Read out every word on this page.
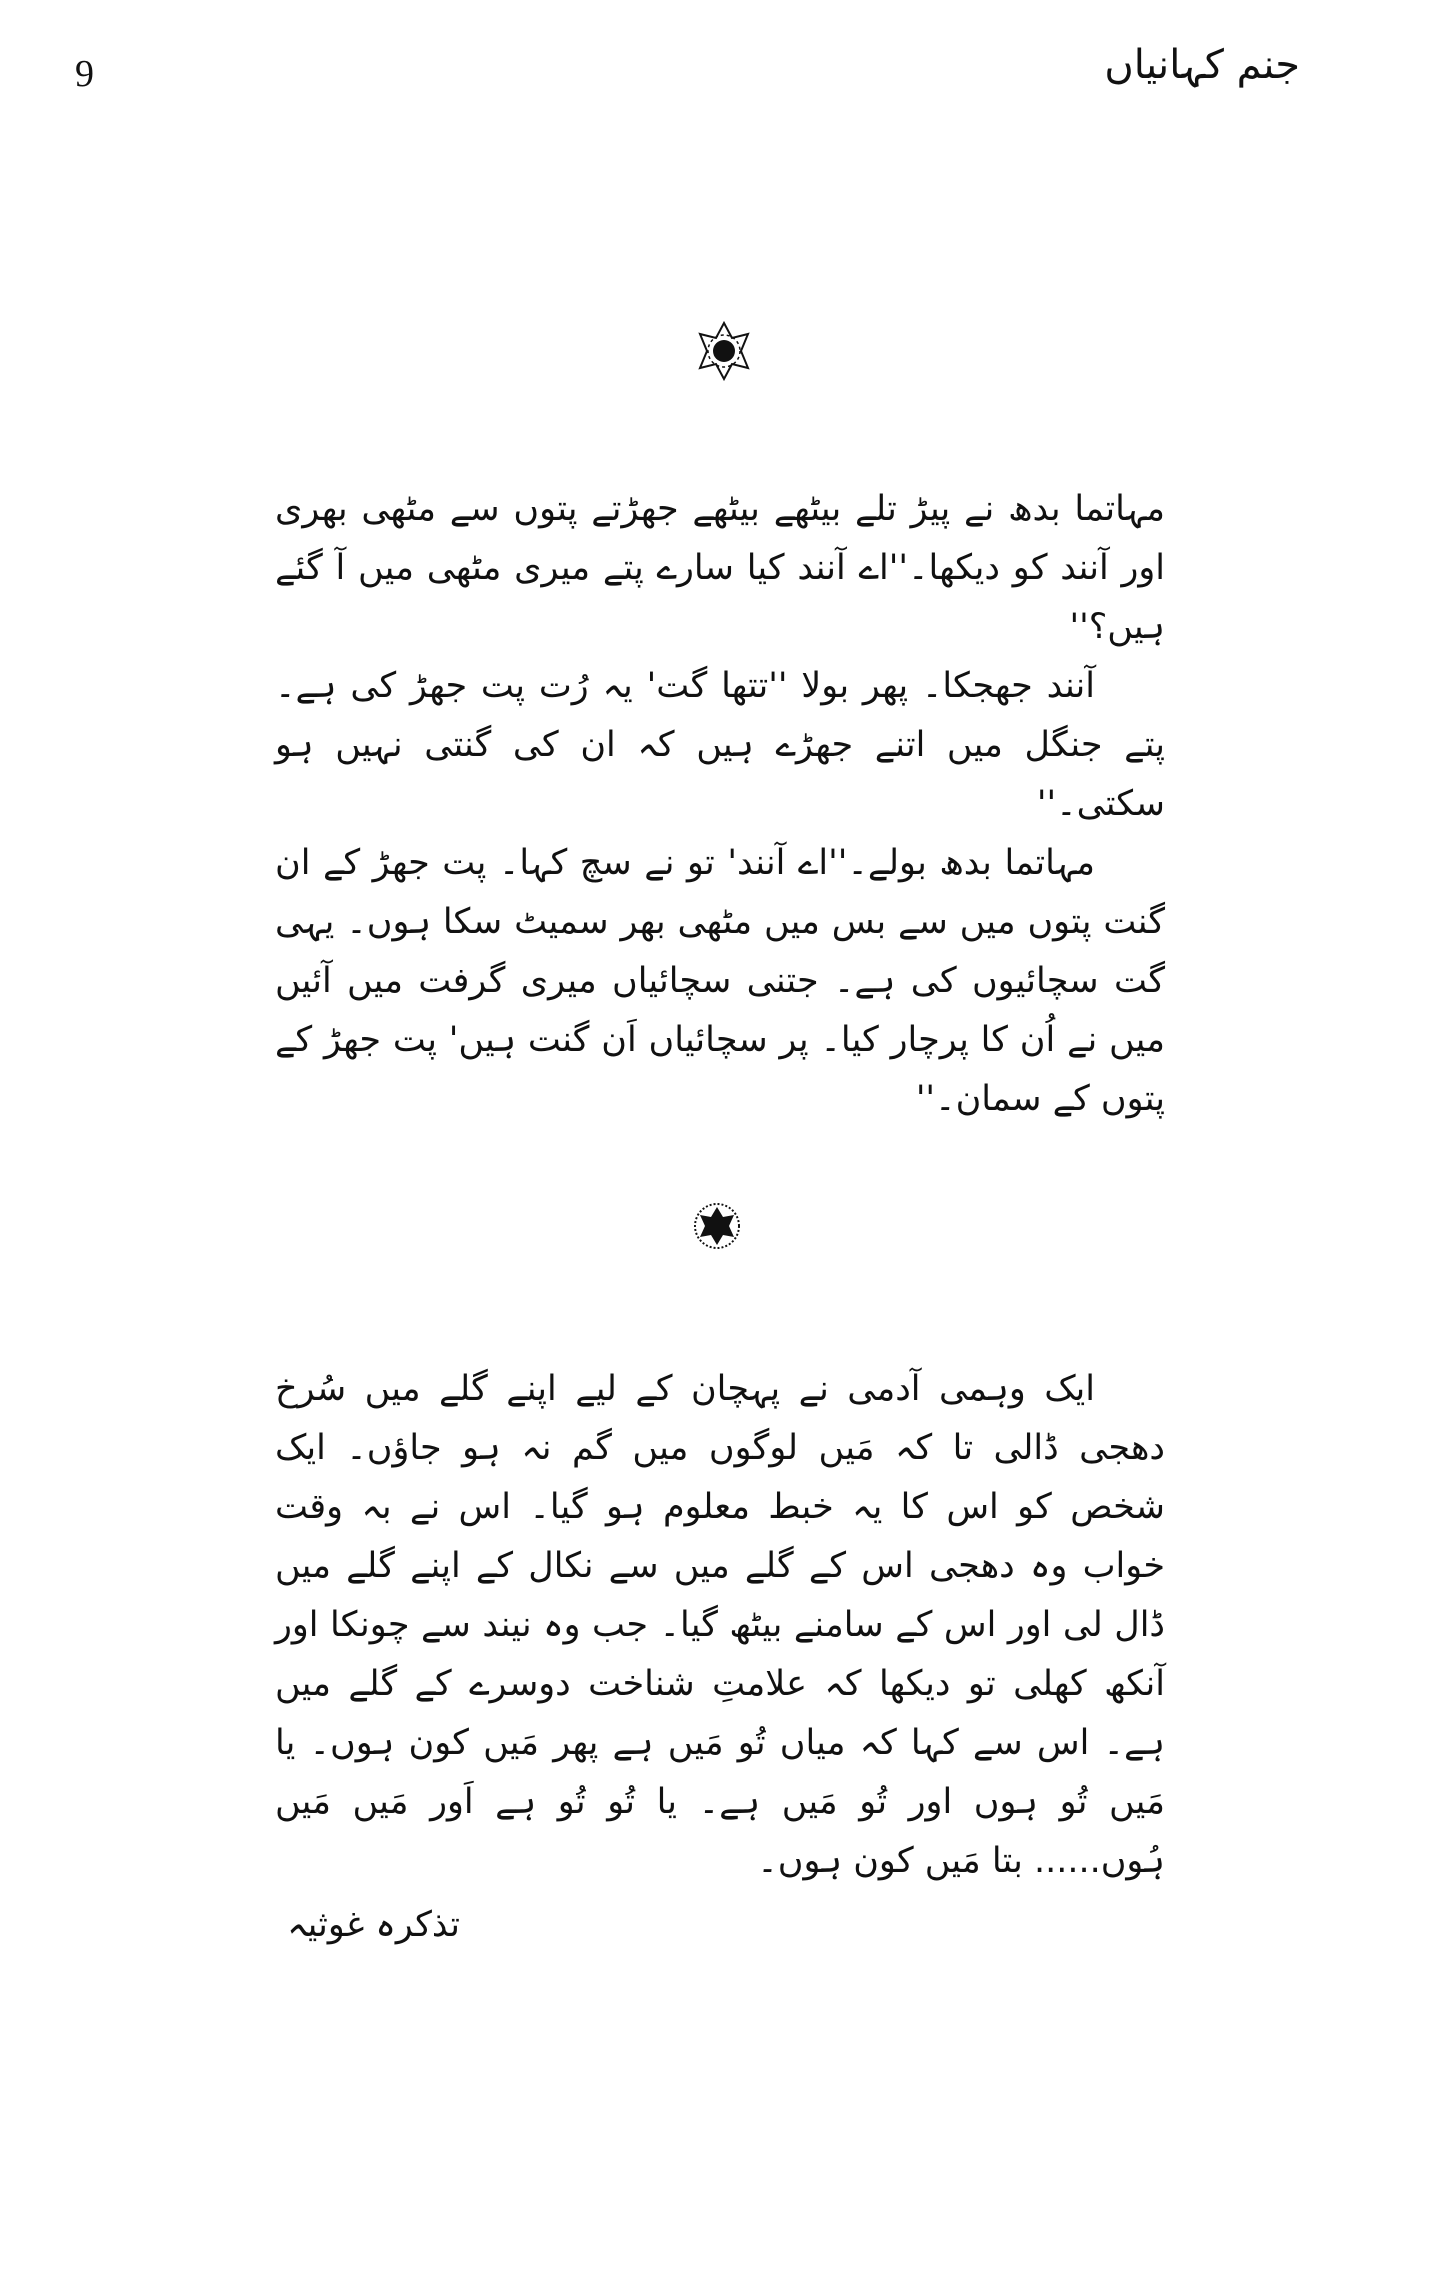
9	جنم کہانیاں

مہاتما بدھ نے پیڑ تلے بیٹھے بیٹھے جھڑتے پتوں سے مٹھی بھری اور آنند کو دیکھا۔''اے آنند کیا سارے پتے میری مٹھی میں آ گئے ہیں؟''

آنند جھجکا۔ پھر بولا ''تتھا گت' یہ رُت پت جھڑ کی ہے۔ پتے جنگل میں اتنے جھڑے ہیں کہ ان کی گنتی نہیں ہو سکتی۔''

مہاتما بدھ بولے۔''اے آنند' تو نے سچ کہا۔ پت جھڑ کے ان گنت پتوں میں سے بس میں مٹھی بھر سمیٹ سکا ہوں۔ یہی گت سچائیوں کی ہے۔ جتنی سچائیاں میری گرفت میں آئیں میں نے اُن کا پرچار کیا۔ پر سچائیاں اَن گنت ہیں' پت جھڑ کے پتوں کے سمان۔''

ایک وہمی آدمی نے پہچان کے لیے اپنے گلے میں سُرخ دھجی ڈالی تا کہ مَیں لوگوں میں گم نہ ہو جاؤں۔ ایک شخص کو اس کا یہ خبط معلوم ہو گیا۔ اس نے بہ وقت خواب وہ دھجی اس کے گلے میں سے نکال کے اپنے گلے میں ڈال لی اور اس کے سامنے بیٹھ گیا۔ جب وہ نیند سے چونکا اور آنکھ کھلی تو دیکھا کہ علامتِ شناخت دوسرے کے گلے میں ہے۔ اس سے کہا کہ میاں تُو مَیں ہے پھر مَیں کون ہوں۔ یا مَیں تُو ہوں اور تُو مَیں ہے۔ یا تُو تُو ہے اَور مَیں مَیں ہُوں...... بتا مَیں کون ہوں۔

تذکرہ غوثیہ
